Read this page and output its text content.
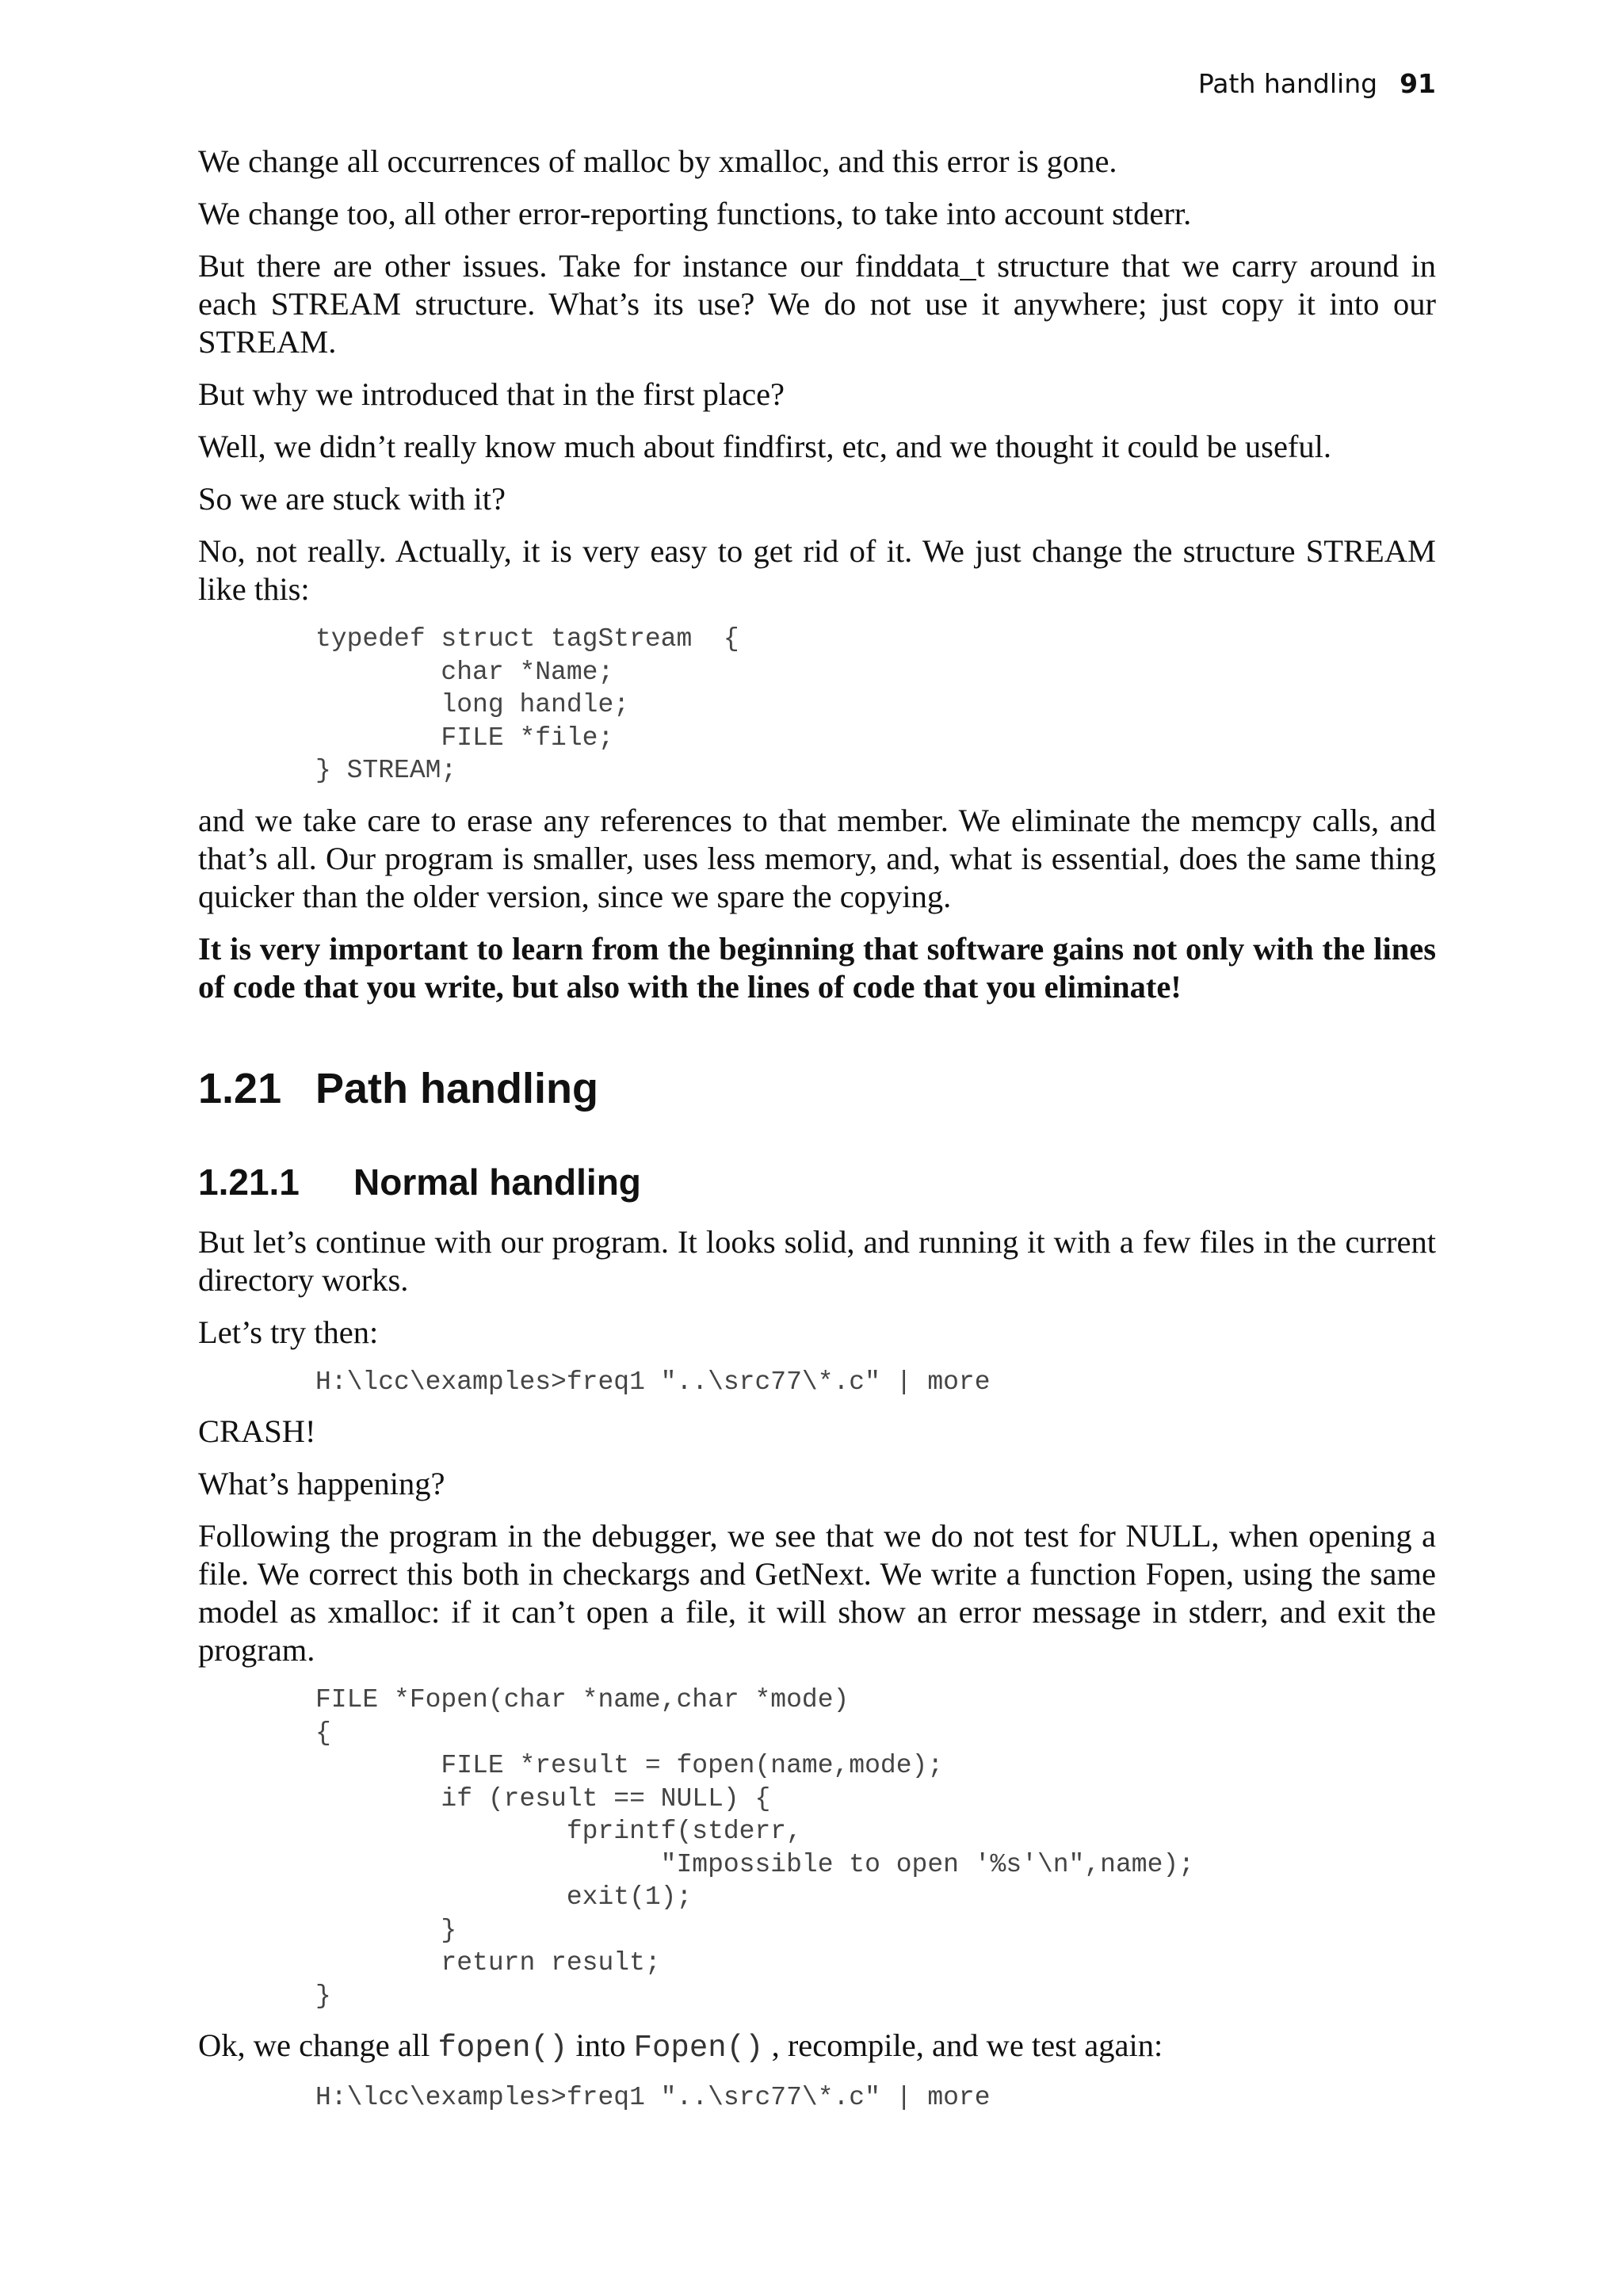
Path handling 91

We change all occurrences of malloc by xmalloc, and this error is gone.

We change too, all other error-reporting functions, to take into account stderr.

But there are other issues. Take for instance our finddata_t structure that we carry around in each STREAM structure. What’s its use? We do not use it anywhere; just copy it into our STREAM.

But why we introduced that in the first place?

Well, we didn’t really know much about findfirst, etc, and we thought it could be useful.

So we are stuck with it?

No, not really. Actually, it is very easy to get rid of it. We just change the structure STREAM like this:

typedef struct tagStream  {
char *Name;
long handle;
FILE *file;
} STREAM;

and we take care to erase any references to that member. We eliminate the memcpy calls, and that’s all. Our program is smaller, uses less memory, and, what is essential, does the same thing quicker than the older version, since we spare the copying.

It is very important to learn from the beginning that software gains not only with the lines of code that you write, but also with the lines of code that you eliminate!

1.21 Path handling
1.21.1 Normal handling

But let’s continue with our program. It looks solid, and running it with a few files in the current directory works.

Let’s try then:

H:\lcc\examples>freq1 "..\src77\*.c" | more

CRASH!

What’s happening?

Following the program in the debugger, we see that we do not test for NULL, when opening a file. We correct this both in checkargs and GetNext. We write a function Fopen, using the same model as xmalloc: if it can’t open a file, it will show an error message in stderr, and exit the program.

FILE *Fopen(char *name,char *mode)
{
FILE *result = fopen(name,mode);
if (result == NULL) {
fprintf(stderr,
"Impossible to open '%s'\n",name);
exit(1);
}
return result;
}

Ok, we change all fopen() into Fopen() , recompile, and we test again:

H:\lcc\examples>freq1 "..\src77\*.c" | more
